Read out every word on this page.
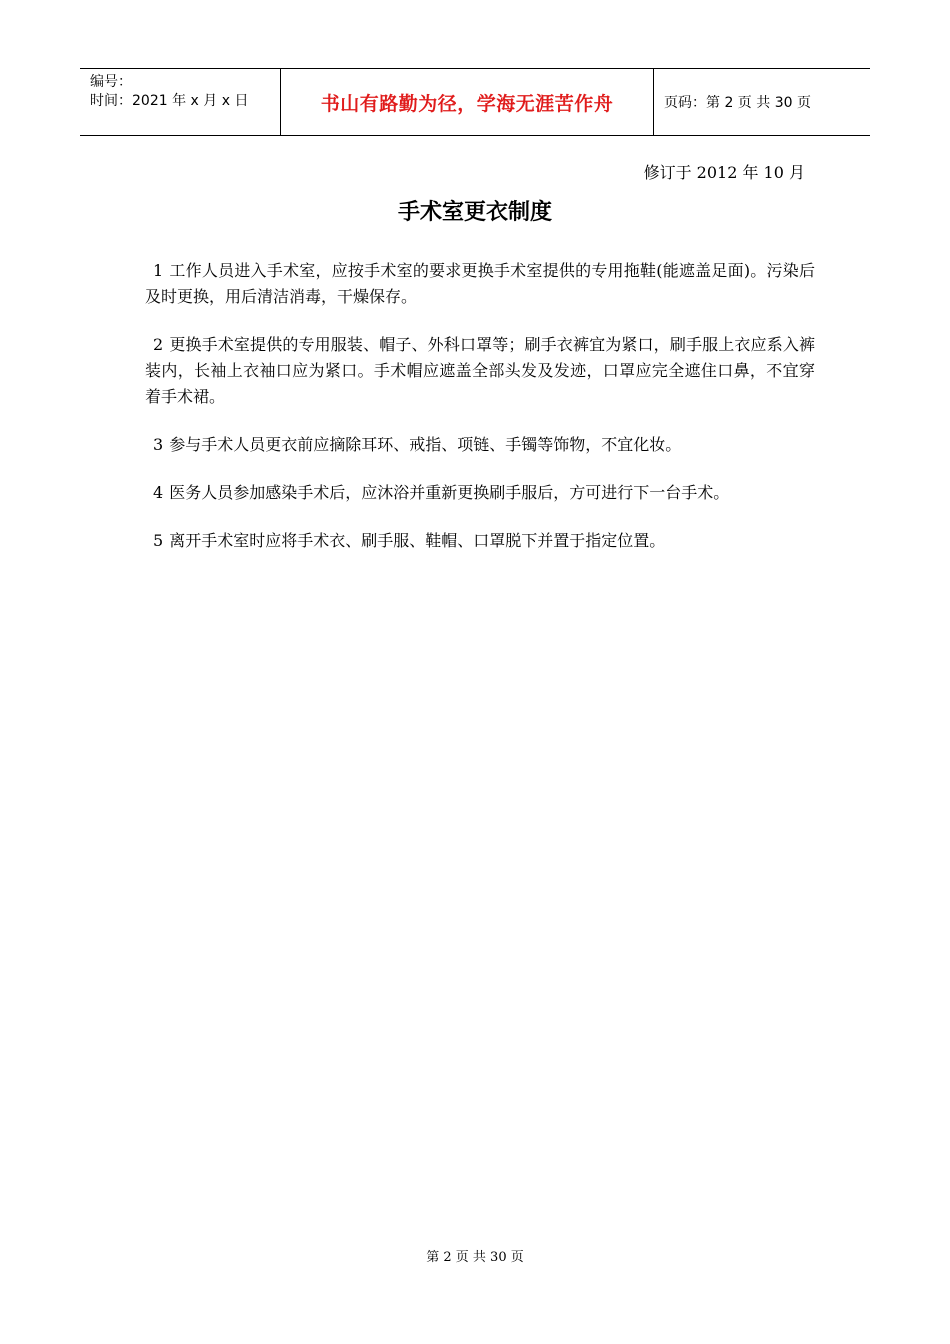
编号：
时间：2021 年 x 月 x 日	书山有路勤为径，学海无涯苦作舟	页码：第 2 页 共 30 页
修订于 2012 年 10 月
手术室更衣制度

1 工作人员进入手术室，应按手术室的要求更换手术室提供的专用拖鞋(能遮盖足面)。污染后及时更换，用后清洁消毒，干燥保存。

2 更换手术室提供的专用服装、帽子、外科口罩等；刷手衣裤宜为紧口，刷手服上衣应系入裤装内，长袖上衣袖口应为紧口。手术帽应遮盖全部头发及发迹，口罩应完全遮住口鼻，不宜穿着手术裙。

3 参与手术人员更衣前应摘除耳环、戒指、项链、手镯等饰物，不宜化妆。

4 医务人员参加感染手术后，应沐浴并重新更换刷手服后，方可进行下一台手术。

5 离开手术室时应将手术衣、刷手服、鞋帽、口罩脱下并置于指定位置。

第 2 页 共 30 页
